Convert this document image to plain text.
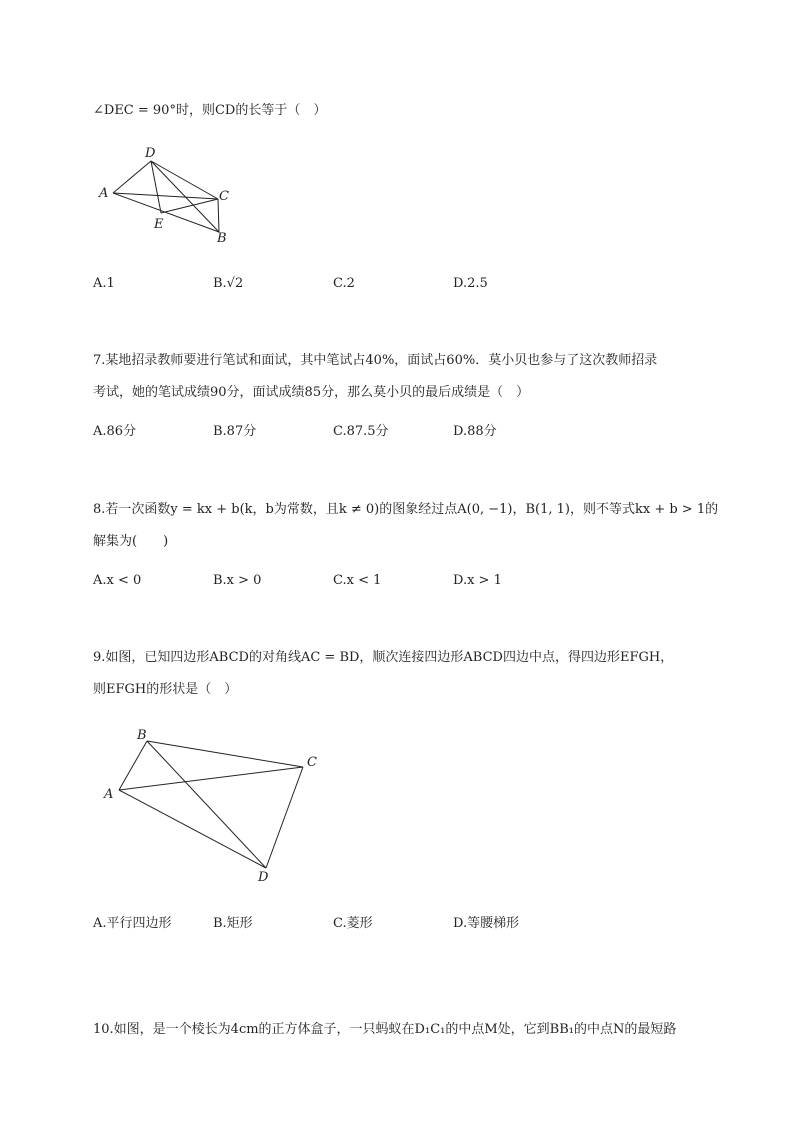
∠DEC = 90°时，则CD的长等于（　）
D
A	C
E
B
A.1	B.√2	C.2	D.2.5
7.某地招录教师要进行笔试和面试，其中笔试占40%，面试占60%．莫小贝也参与了这次教师招录
考试，她的笔试成绩90分，面试成绩85分，那么莫小贝的最后成绩是（　）
A.86分	B.87分	C.87.5分	D.88分
8.若一次函数y = kx + b(k，b为常数，且k ≠ 0)的图象经过点A(0, −1)，B(1, 1)，则不等式kx + b > 1的
解集为(　　)
A.x < 0	B.x > 0	C.x < 1	D.x > 1
9.如图，已知四边形ABCD的对角线AC = BD，顺次连接四边形ABCD四边中点，得四边形EFGH，
则EFGH的形状是（　）
B
C
A
D
A.平行四边形	B.矩形	C.菱形	D.等腰梯形
10.如图，是一个棱长为4cm的正方体盒子，一只蚂蚁在D₁C₁的中点M处，它到BB₁的中点N的最短路
